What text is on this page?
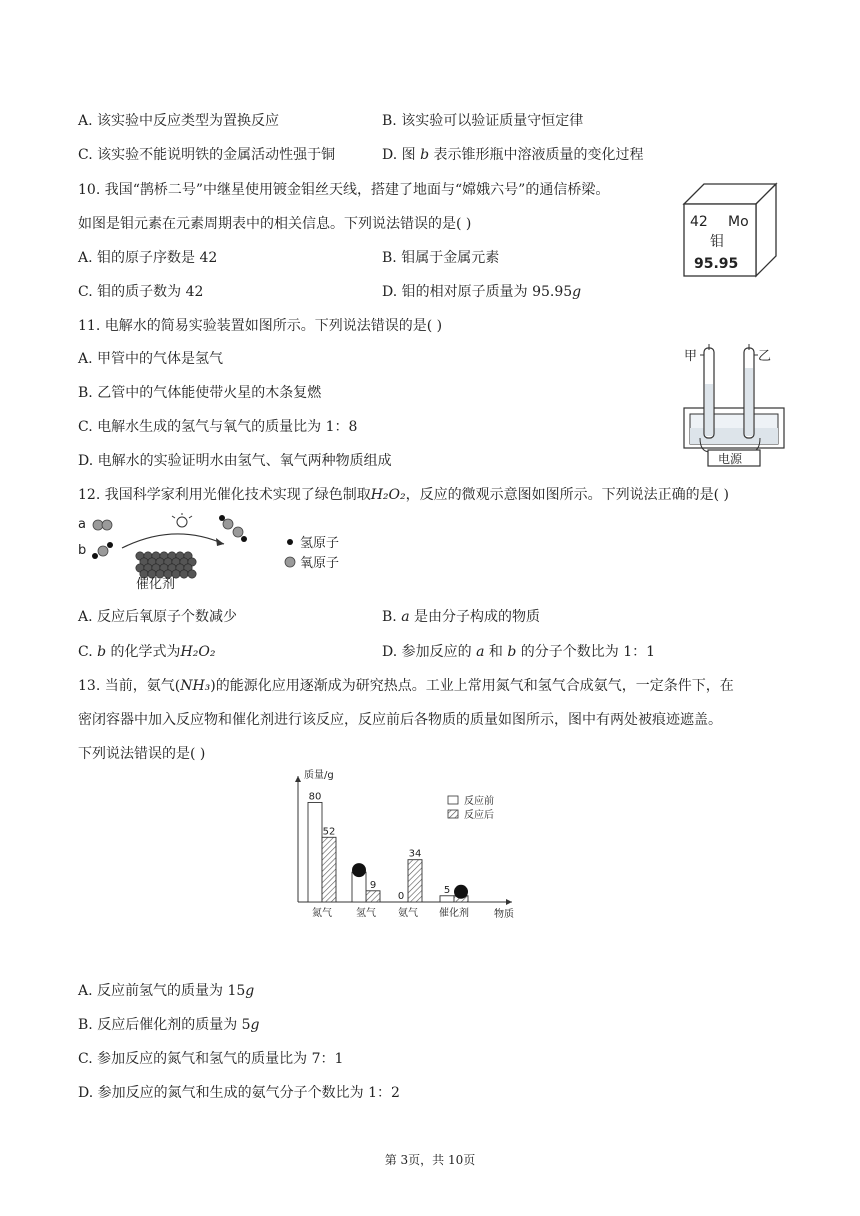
A. 该实验中反应类型为置换反应	B. 该实验可以验证质量守恒定律
C. 该实验不能说明铁的金属活动性强于铜	D. 图 b 表示锥形瓶中溶液质量的变化过程
10. 我国“鹊桥二号”中继星使用镀金钼丝天线，搭建了地面与“嫦娥六号”的通信桥梁。
如图是钼元素在元素周期表中的相关信息。下列说法错误的是( )
A. 钼的原子序数是 42	B. 钼属于金属元素
C. 钼的质子数为 42	D. 钼的相对原子质量为 95.95g
42 Mo
钼
95.95
11. 电解水的简易实验装置如图所示。下列说法错误的是( )
A. 甲管中的气体是氢气
B. 乙管中的气体能使带火星的木条复燃
C. 电解水生成的氢气与氧气的质量比为 1：8
D. 电解水的实验证明水由氢气、氧气两种物质组成
甲	乙
电源
12. 我国科学家利用光催化技术实现了绿色制取H₂O₂，反应的微观示意图如图所示。下列说法正确的是( )
a
b
催化剂
氢原子
氧原子
A. 反应后氧原子个数减少	B. a 是由分子构成的物质
C. b 的化学式为H₂O₂	D. 参加反应的 a 和 b 的分子个数比为 1：1
13. 当前，氨气(NH₃)的能源化应用逐渐成为研究热点。工业上常用氮气和氢气合成氨气，一定条件下，在
密闭容器中加入反应物和催化剂进行该反应，反应前后各物质的质量如图所示，图中有两处被痕迹遮盖。
下列说法错误的是( )
80
52
氮气
9
氢气
0
34
氨气
5
催化剂
质量/g
物质
反应前
反应后
A. 反应前氢气的质量为 15g
B. 反应后催化剂的质量为 5g
C. 参加反应的氮气和氢气的质量比为 7：1
D. 参加反应的氮气和生成的氨气分子个数比为 1：2
第 3页，共 10页
